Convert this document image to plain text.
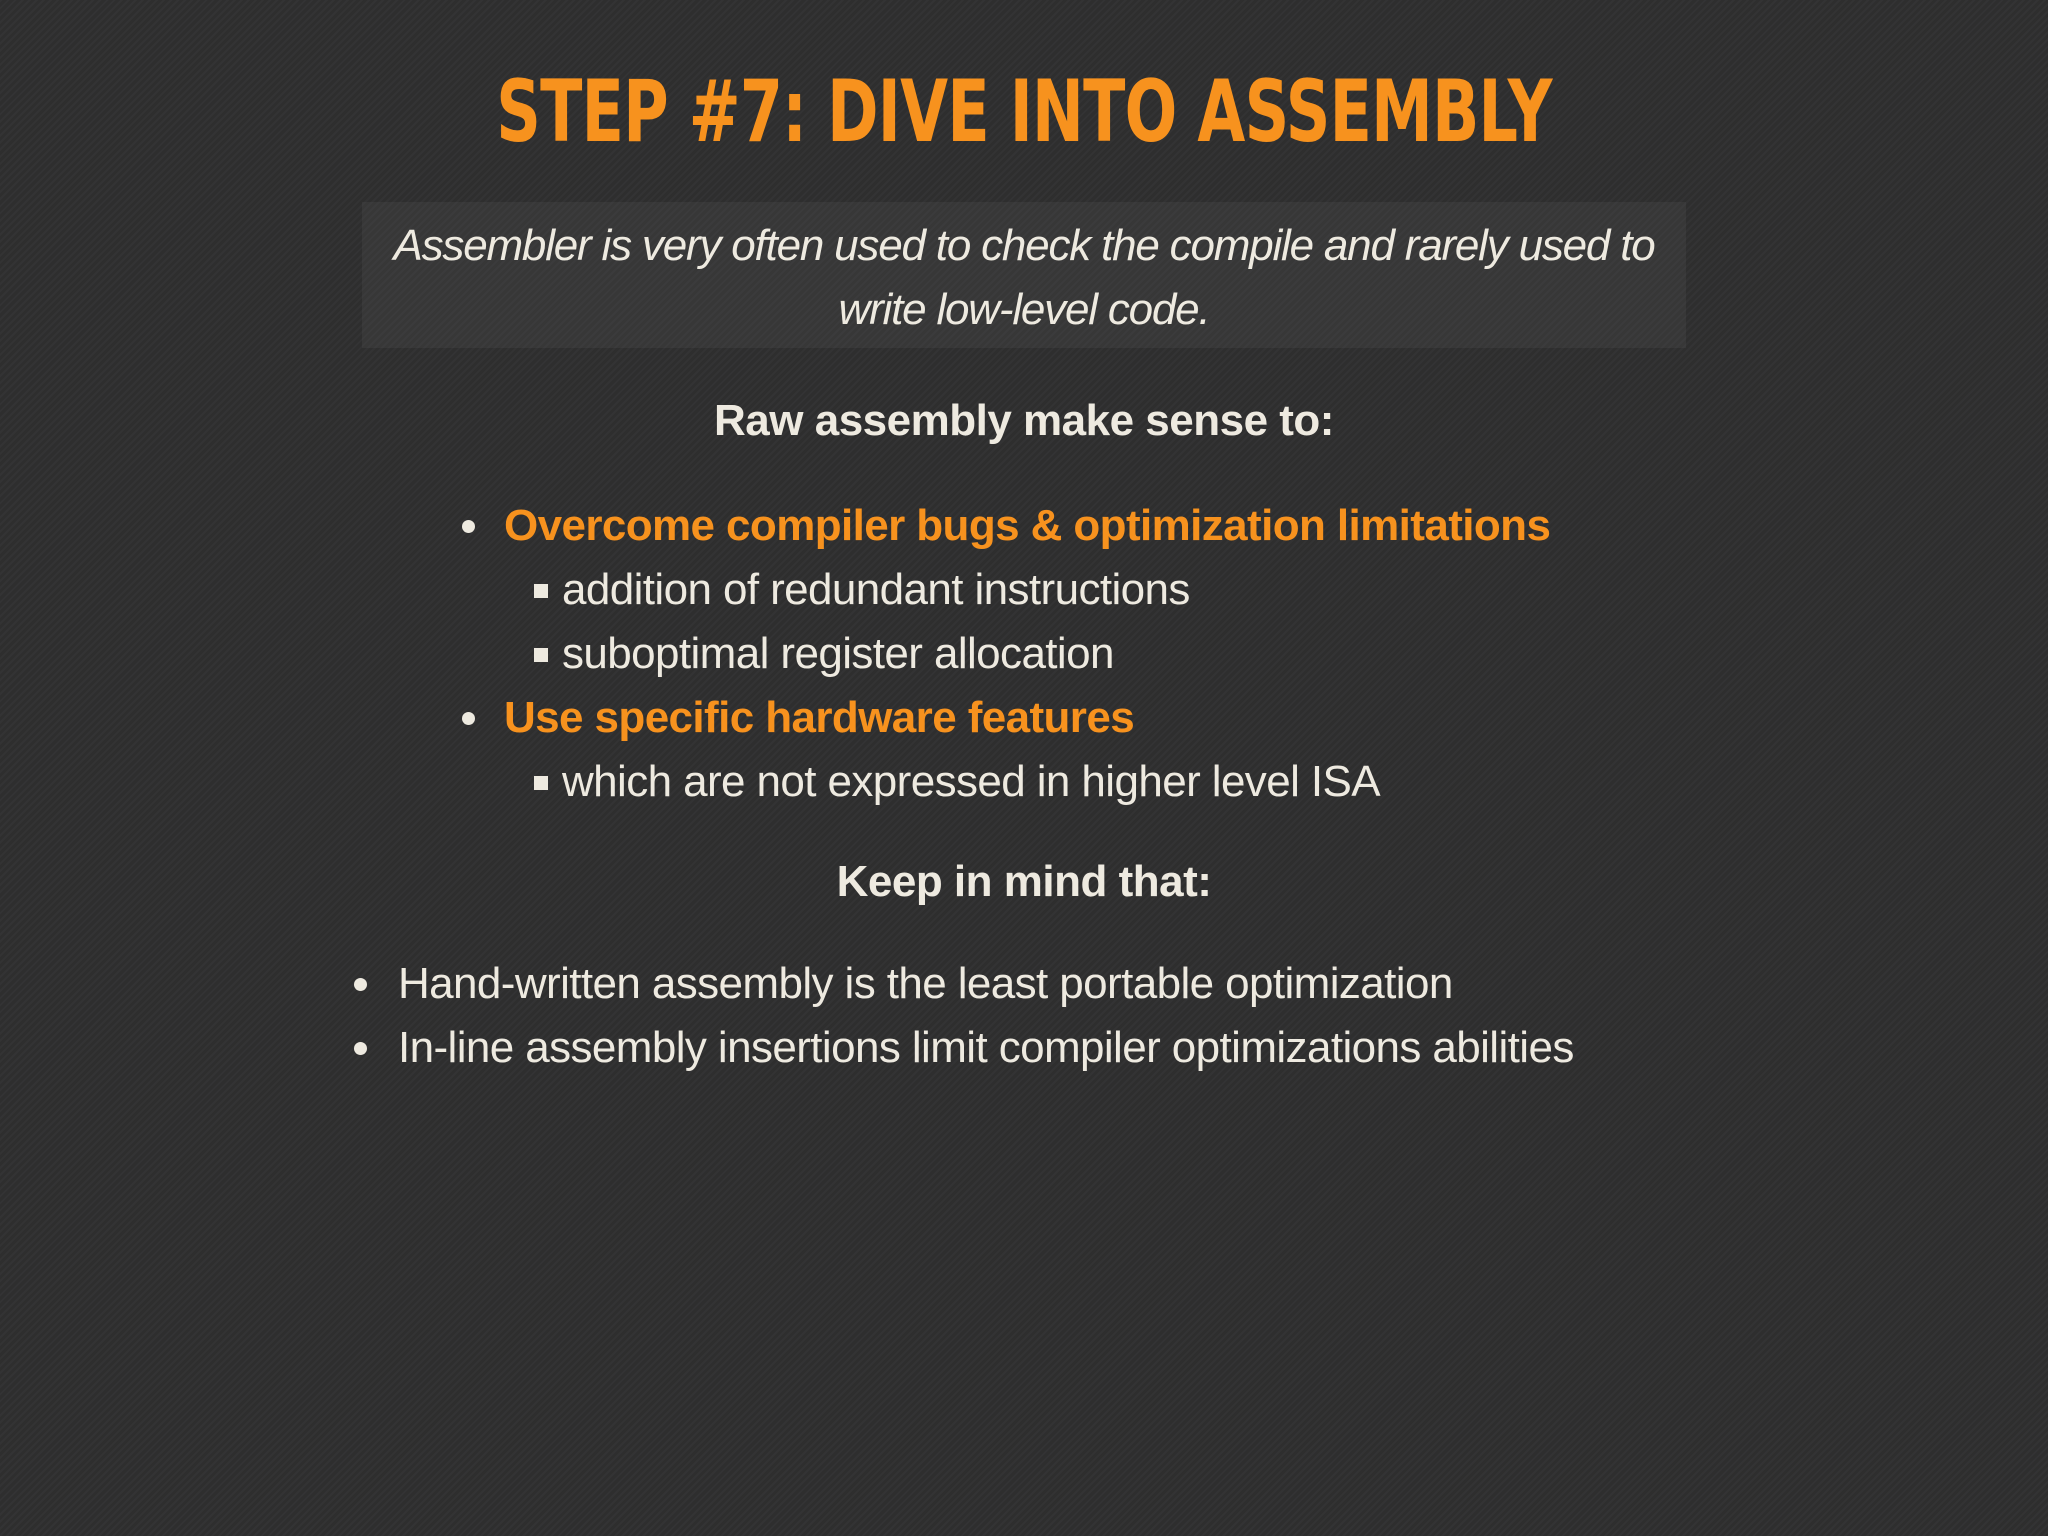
STEP #7: DIVE INTO ASSEMBLY
Assembler is very often used to check the compile and rarely used to write low-level code.
Raw assembly make sense to:
Overcome compiler bugs & optimization limitations
addition of redundant instructions
suboptimal register allocation
Use specific hardware features
which are not expressed in higher level ISA
Keep in mind that:
Hand-written assembly is the least portable optimization
In-line assembly insertions limit compiler optimizations abilities
